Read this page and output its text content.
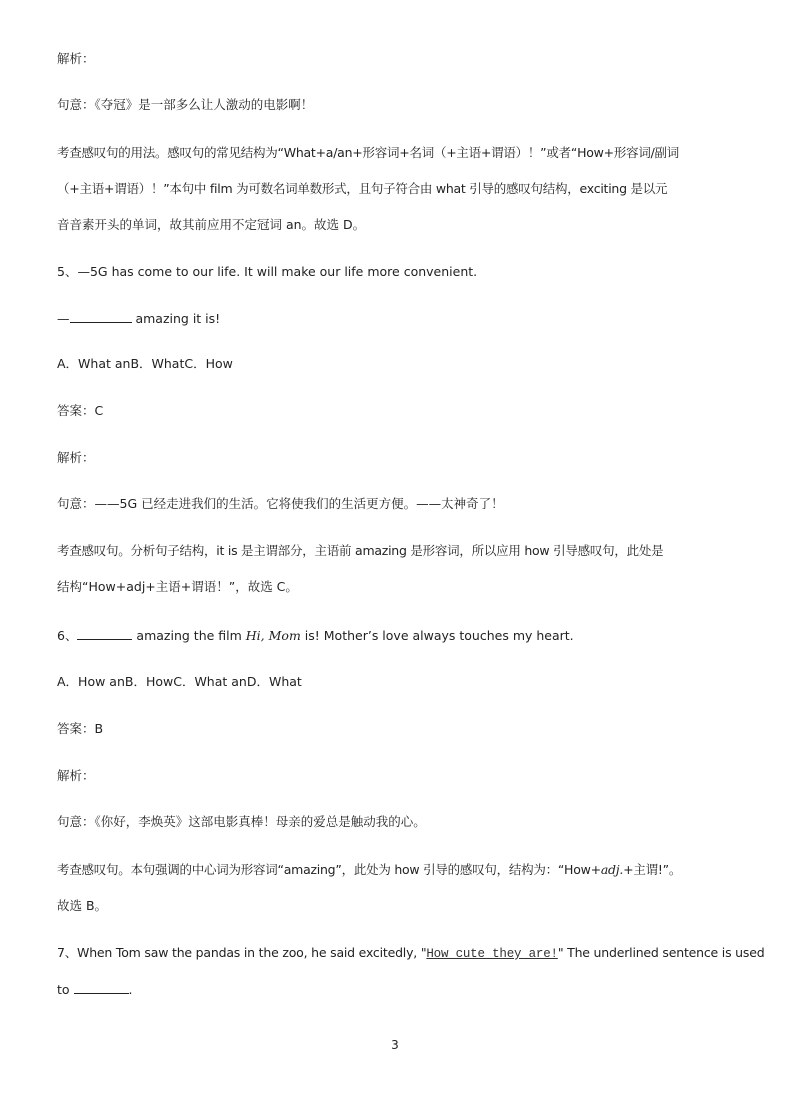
解析：
句意：《夺冠》是一部多么让人激动的电影啊！
考查感叹句的用法。感叹句的常见结构为“What+a/an+形容词+名词（+主语+谓语）！”或者“How+形容词/副词
（+主语+谓语）！”本句中 film 为可数名词单数形式，且句子符合由 what 引导的感叹句结构，exciting 是以元
音音素开头的单词，故其前应用不定冠词 an。故选 D。
5、—5G has come to our life. It will make our life more convenient.
—	amazing it is!
A．What anB．WhatC．How
答案：C
解析：
句意：——5G 已经走进我们的生活。它将使我们的生活更方便。——太神奇了！
考查感叹句。分析句子结构，it is 是主谓部分，主语前 amazing 是形容词，所以应用 how 引导感叹句，此处是
结构“How+adj+主语+谓语！”，故选 C。
6、	amazing the film Hi, Mom is! Mother’s love always touches my heart.
A．How anB．HowC．What anD．What
答案：B
解析：
句意：《你好，李焕英》这部电影真棒！母亲的爱总是触动我的心。
考查感叹句。本句强调的中心词为形容词“amazing”，此处为 how 引导的感叹句，结构为：“How+adj.+主谓!”。
故选 B。
7、When Tom saw the pandas in the zoo, he said excitedly, "How cute they are!" The underlined sentence is used
to	.
3
